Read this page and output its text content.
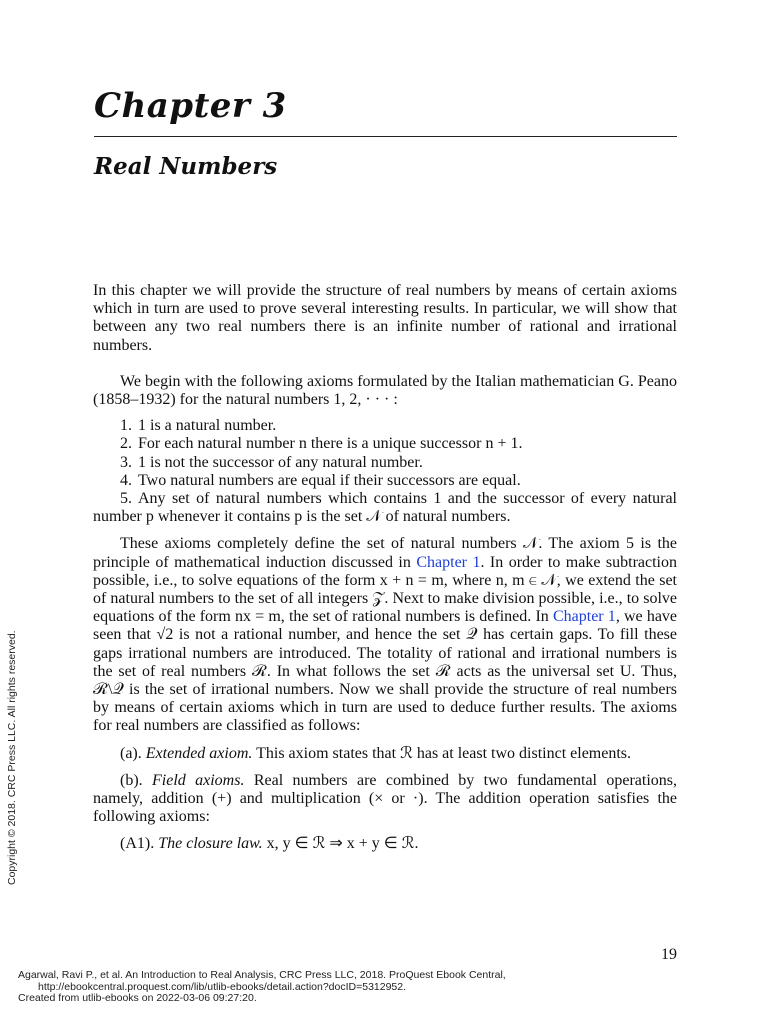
Chapter 3
Real Numbers

In this chapter we will provide the structure of real numbers by means of certain axioms which in turn are used to prove several interesting results. In particular, we will show that between any two real numbers there is an infinite number of rational and irrational numbers.

We begin with the following axioms formulated by the Italian mathematician G. Peano (1858–1932) for the natural numbers 1, 2, · · · :

1. 1 is a natural number.
2. For each natural number n there is a unique successor n + 1.
3. 1 is not the successor of any natural number.
4. Two natural numbers are equal if their successors are equal.
5. Any set of natural numbers which contains 1 and the successor of every natural number p whenever it contains p is the set 𝒩 of natural numbers.

These axioms completely define the set of natural numbers 𝒩. The axiom 5 is the principle of mathematical induction discussed in Chapter 1. In order to make subtraction possible, i.e., to solve equations of the form x + n = m, where n, m ∈ 𝒩, we extend the set of natural numbers to the set of all integers 𝒵. Next to make division possible, i.e., to solve equations of the form nx = m, the set of rational numbers is defined. In Chapter 1, we have seen that √2 is not a rational number, and hence the set 𝒬 has certain gaps. To fill these gaps irrational numbers are introduced. The totality of rational and irrational numbers is the set of real numbers ℛ. In what follows the set ℛ acts as the universal set U. Thus, ℛ\𝒬 is the set of irrational numbers. Now we shall provide the structure of real numbers by means of certain axioms which in turn are used to deduce further results. The axioms for real numbers are classified as follows:

(a). Extended axiom. This axiom states that ℛ has at least two distinct elements.

(b). Field axioms. Real numbers are combined by two fundamental operations, namely, addition (+) and multiplication (× or ·). The addition operation satisfies the following axioms:

(A1). The closure law. x, y ∈ ℛ ⇒ x + y ∈ ℛ.

Copyright © 2018. CRC Press LLC. All rights reserved.
19
Agarwal, Ravi P., et al. An Introduction to Real Analysis, CRC Press LLC, 2018. ProQuest Ebook Central,
http://ebookcentral.proquest.com/lib/utlib-ebooks/detail.action?docID=5312952.
Created from utlib-ebooks on 2022-03-06 09:27:20.
